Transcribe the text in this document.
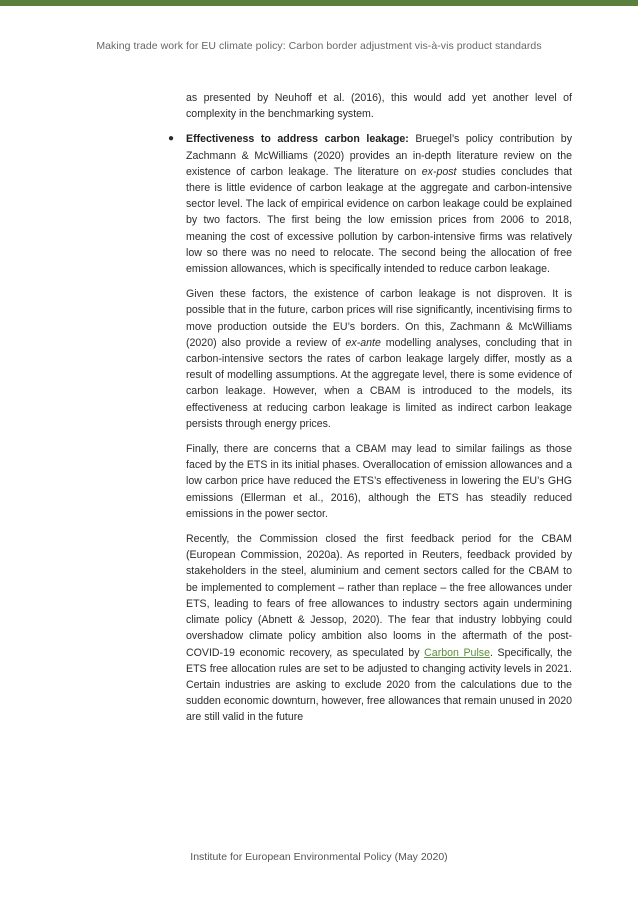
Making trade work for EU climate policy: Carbon border adjustment vis-à-vis product standards

as presented by Neuhoff et al. (2016), this would add yet another level of complexity in the benchmarking system.

● Effectiveness to address carbon leakage: Bruegel’s policy contribution by Zachmann & McWilliams (2020) provides an in-depth literature review on the existence of carbon leakage. The literature on ex-post studies concludes that there is little evidence of carbon leakage at the aggregate and carbon-intensive sector level. The lack of empirical evidence on carbon leakage could be explained by two factors. The first being the low emission prices from 2006 to 2018, meaning the cost of excessive pollution by carbon-intensive firms was relatively low so there was no need to relocate. The second being the allocation of free emission allowances, which is specifically intended to reduce carbon leakage.

Given these factors, the existence of carbon leakage is not disproven. It is possible that in the future, carbon prices will rise significantly, incentivising firms to move production outside the EU’s borders. On this, Zachmann & McWilliams (2020) also provide a review of ex-ante modelling analyses, concluding that in carbon-intensive sectors the rates of carbon leakage largely differ, mostly as a result of modelling assumptions. At the aggregate level, there is some evidence of carbon leakage. However, when a CBAM is introduced to the models, its effectiveness at reducing carbon leakage is limited as indirect carbon leakage persists through energy prices.

Finally, there are concerns that a CBAM may lead to similar failings as those faced by the ETS in its initial phases. Overallocation of emission allowances and a low carbon price have reduced the ETS’s effectiveness in lowering the EU’s GHG emissions (Ellerman et al., 2016), although the ETS has steadily reduced emissions in the power sector.

Recently, the Commission closed the first feedback period for the CBAM (European Commission, 2020a). As reported in Reuters, feedback provided by stakeholders in the steel, aluminium and cement sectors called for the CBAM to be implemented to complement – rather than replace – the free allowances under ETS, leading to fears of free allowances to industry sectors again undermining climate policy (Abnett & Jessop, 2020). The fear that industry lobbying could overshadow climate policy ambition also looms in the aftermath of the post-COVID-19 economic recovery, as speculated by Carbon Pulse. Specifically, the ETS free allocation rules are set to be adjusted to changing activity levels in 2021. Certain industries are asking to exclude 2020 from the calculations due to the sudden economic downturn, however, free allowances that remain unused in 2020 are still valid in the future

Institute for European Environmental Policy (May 2020)
